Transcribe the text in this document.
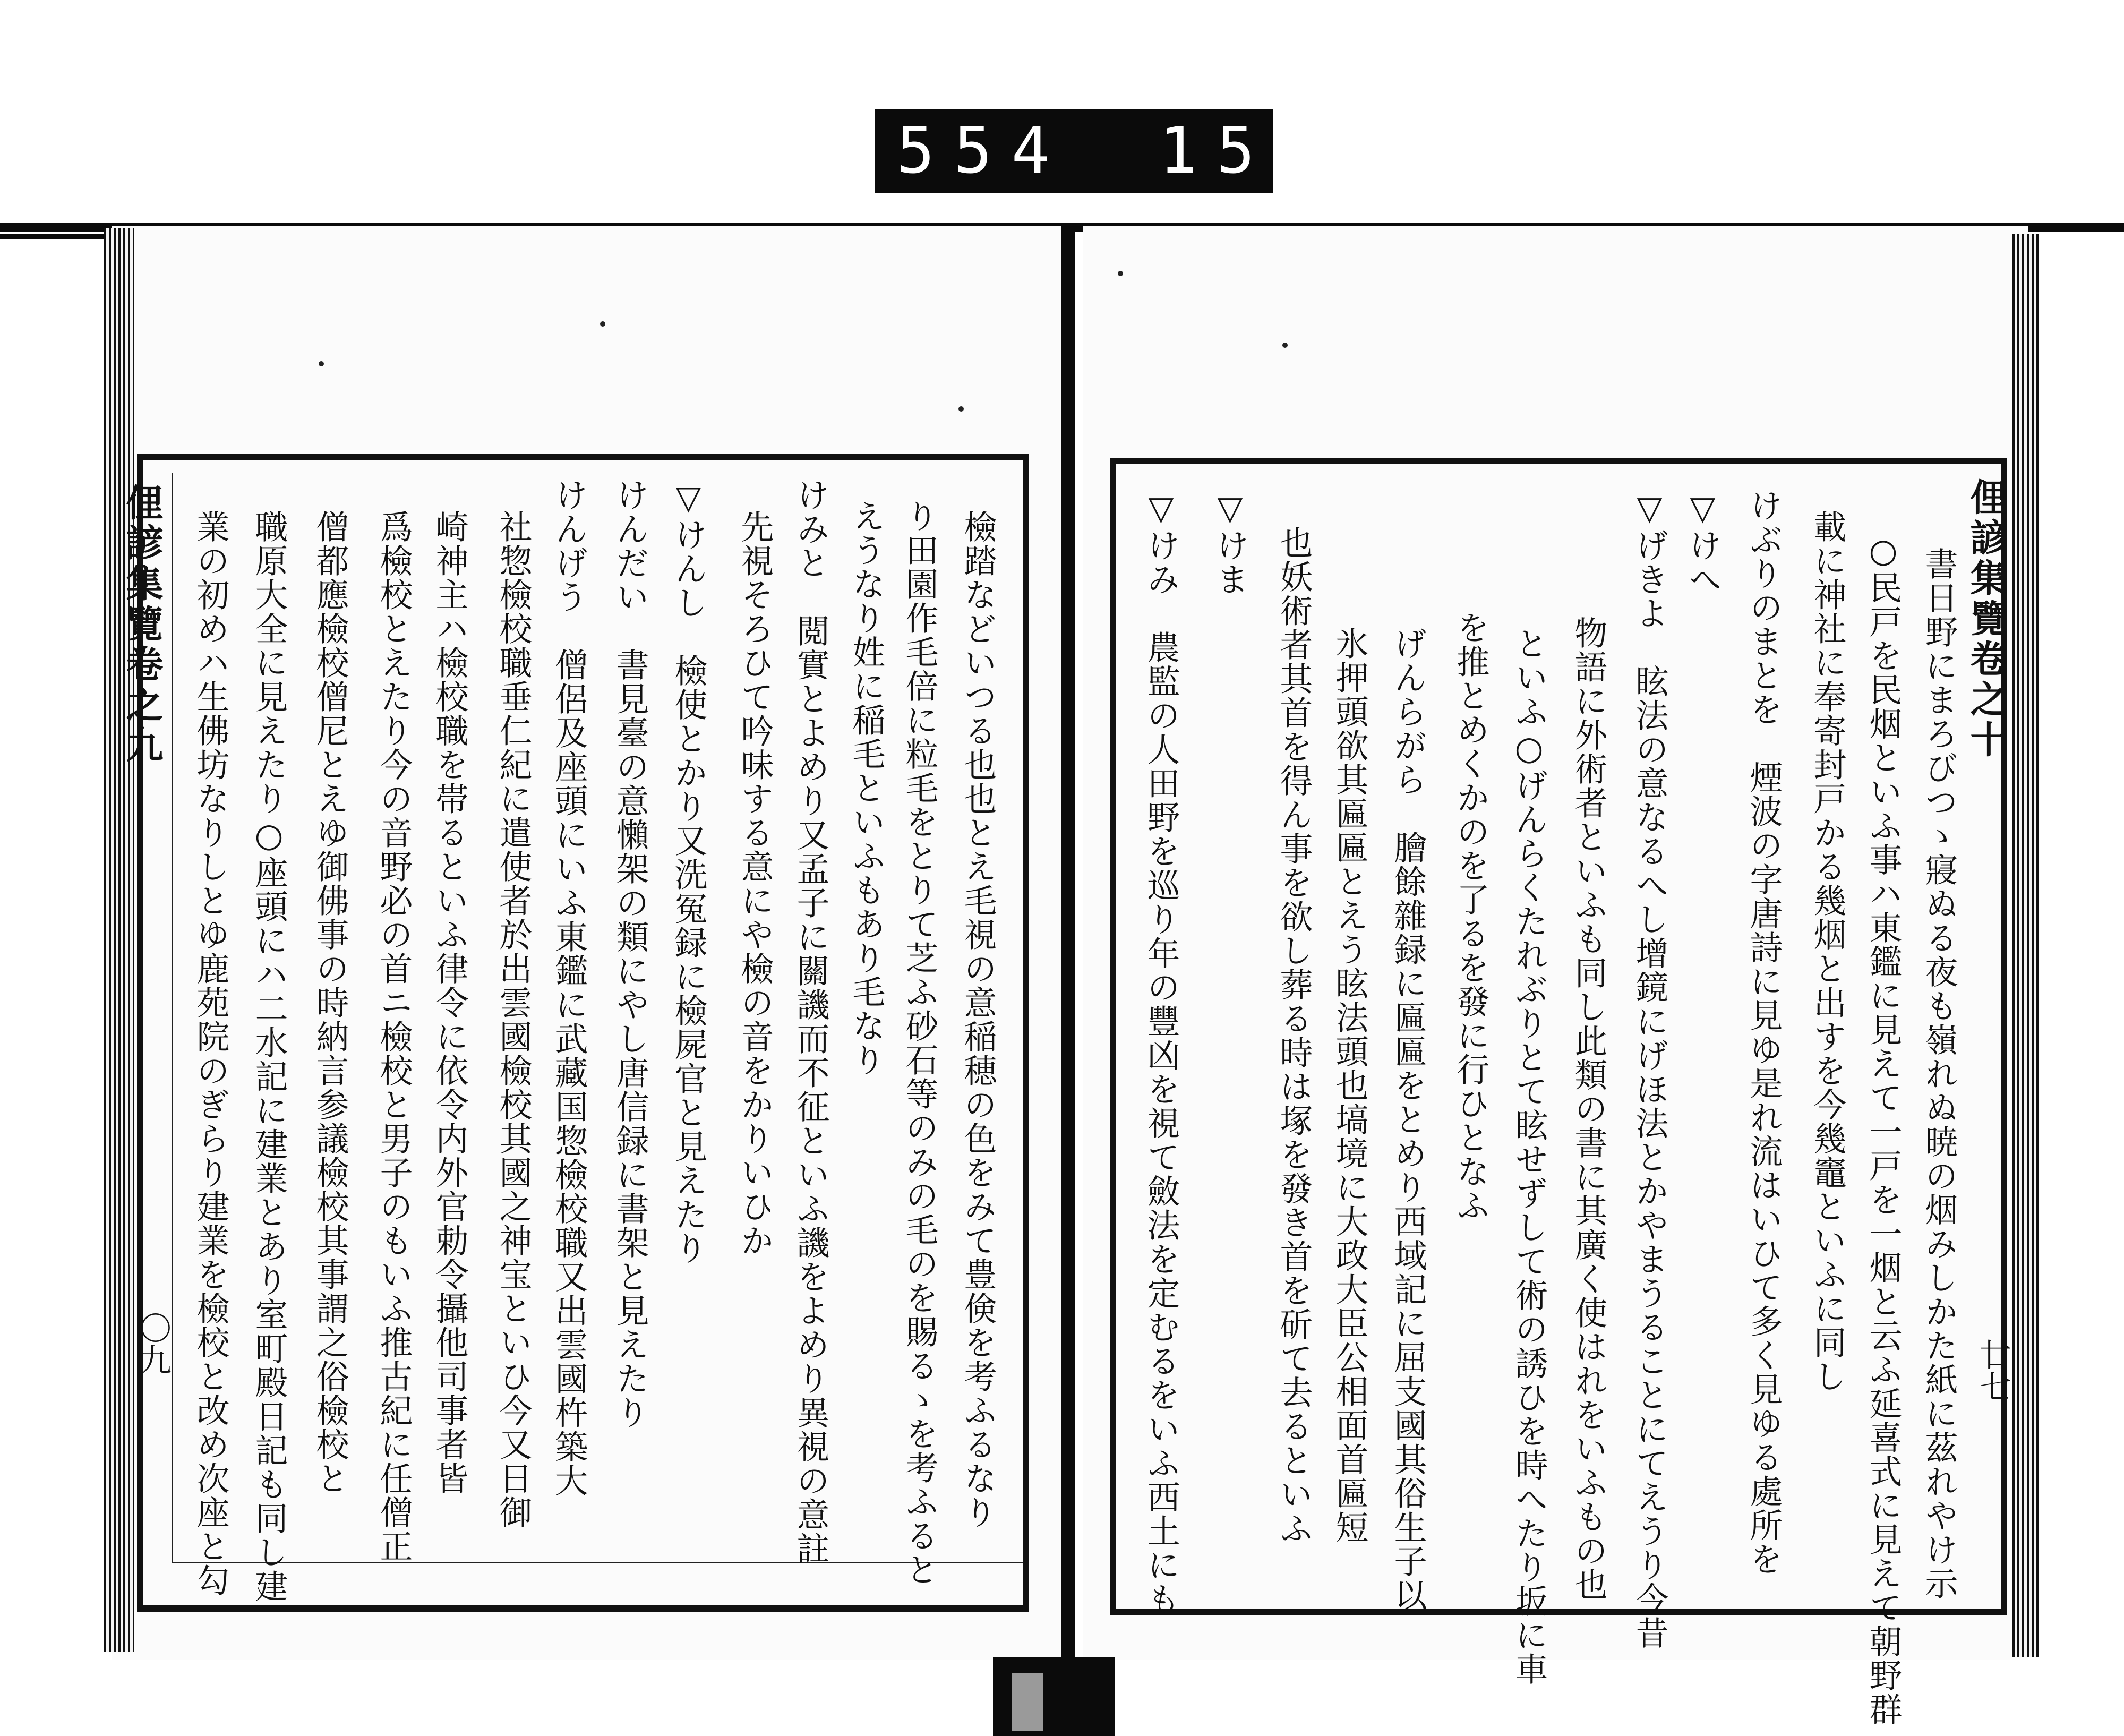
554 158.
俚諺集覽卷之十
廿七
▽けみ　農監の人田野を巡り年の豐凶を視て斂法を定むるをいふ西土にも ▽けま 也妖術者其首を得ん事を欲し葬る時は塚を發き首を斫て去るといふ 氷押頭欲其匾匾とえう眩法頭也塙境に大政大臣公相面首匾短 げんらがら　膾餘雜録に匾匾をとめり西域記に屈支國其俗生子以 を推とめくかのを了るを發に行ひとなふ といふ○げんらくたれぶりとて眩せずして術の誘ひを時へたり坂に車 物語に外術者といふも同し此類の書に其廣く使はれをいふもの也 ▽げきよ　眩法の意なるへし增鏡にげほ法とかやまうることにてえうり今昔 ▽けへ けぶりのまとを　煙波の字唐詩に見ゆ是れ流はいひて多く見ゆる處所を 載に神社に奉寄封戸かる幾烟と出すを今幾竈といふに同し ○民戸を民烟といふ事ハ東鑑に見えて一戸を一烟と云ふ延喜式に見えて朝野群 書日野にまろびつゝ寢ぬる夜も嶺れぬ暁の烟みしかた紙に茲れやけ示
俚諺集覽卷之九
〇九	檢踏などいつる也也とえ毛視の意稲穂の色をみて豊倹を考ふるなり
り田園作毛倍に粒毛をとりて芝ふ砂石等のみの毛のを賜るゝを考ふると
えうなり姓に稲毛といふもあり毛なり
けみと　閲實とよめり又孟子に關譏而不征といふ譏をよめり異視の意註
先視そろひて吟味する意にや檢の音をかりいひか
▽けんし　檢使とかり又洗冤録に檢屍官と見えたり
けんだい　書見臺の意懶架の類にやし唐信録に書架と見えたり
けんげう　僧侶及座頭にいふ東鑑に武藏国惣檢校職又出雲國杵築大
社惣檢校職垂仁紀に遣使者於出雲國檢校其國之神宝といひ今又日御
崎神主ハ檢校職を帯るといふ律令に依令内外官勅令攝他司事者皆
爲檢校とえたり今の音野必の首ニ檢校と男子のもいふ推古紀に任僧正
僧都應檢校僧尼とえゆ御佛事の時納言参議檢校其事謂之俗檢校と
職原大全に見えたり○座頭にハ二水記に建業とあり室町殿日記も同し建
業の初めハ生佛坊なりしとゆ鹿苑院のぎらり建業を檢校と改め次座と勾
